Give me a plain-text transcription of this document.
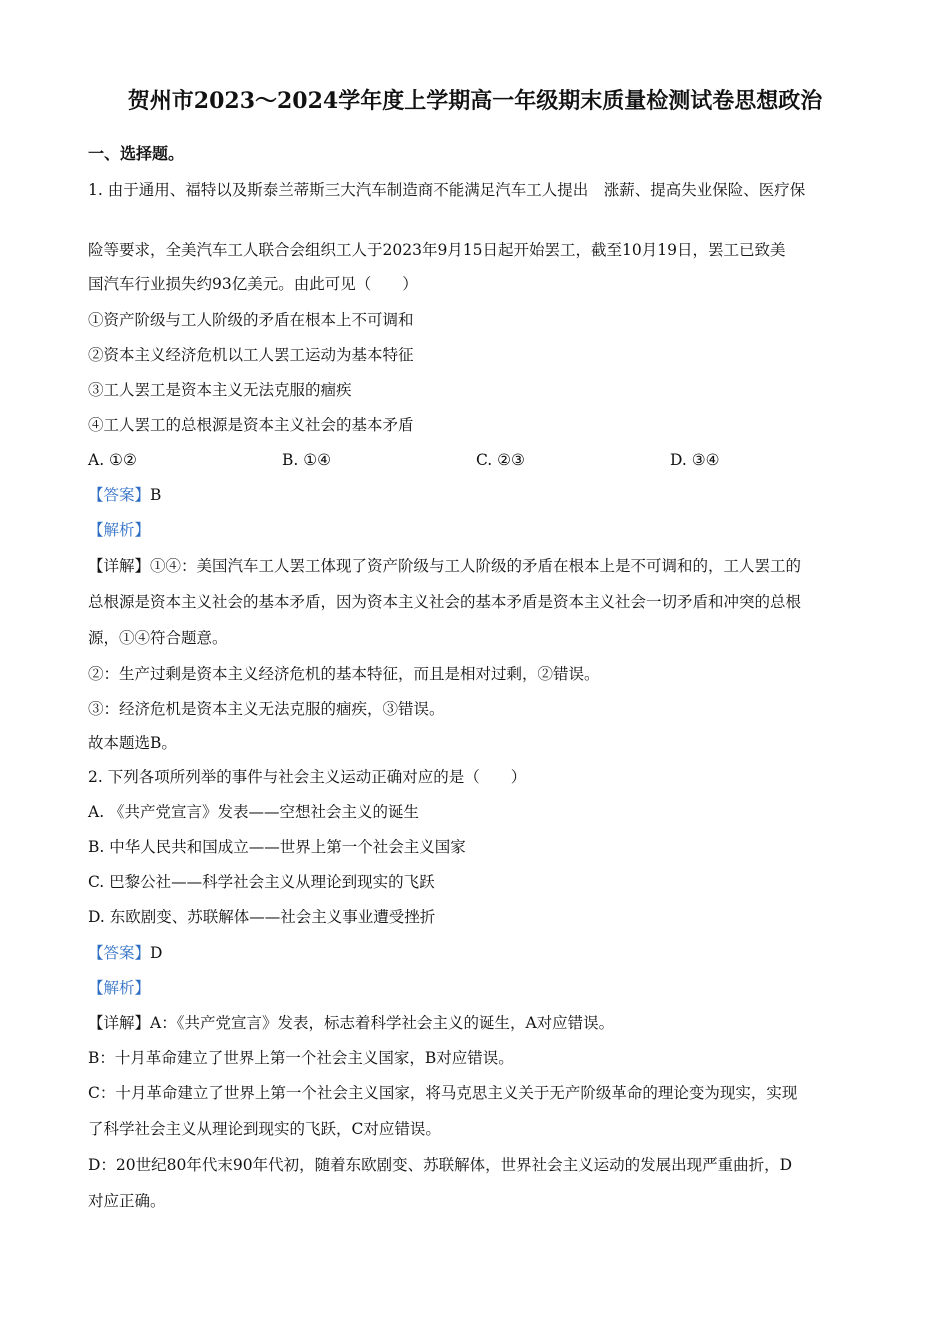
贺州市2023～2024学年度上学期高一年级期末质量检测试卷思想政治
一、选择题。
1. 由于通用、福特以及斯泰兰蒂斯三大汽车制造商不能满足汽车工人提出　涨薪、提高失业保险、医疗保
险等要求，全美汽车工人联合会组织工人于2023年9月15日起开始罢工，截至10月19日，罢工已致美
国汽车行业损失约93亿美元。由此可见（　　）
①资产阶级与工人阶级的矛盾在根本上不可调和
②资本主义经济危机以工人罢工运动为基本特征
③工人罢工是资本主义无法克服的痼疾
④工人罢工的总根源是资本主义社会的基本矛盾
A. ①②	B. ①④	C. ②③	D. ③④
【答案】B
【解析】
【详解】①④：美国汽车工人罢工体现了资产阶级与工人阶级的矛盾在根本上是不可调和的，工人罢工的
总根源是资本主义社会的基本矛盾，因为资本主义社会的基本矛盾是资本主义社会一切矛盾和冲突的总根
源，①④符合题意。
②：生产过剩是资本主义经济危机的基本特征，而且是相对过剩，②错误。
③：经济危机是资本主义无法克服的痼疾，③错误。
故本题选B。
2. 下列各项所列举的事件与社会主义运动正确对应的是（　　）
A. 《共产党宣言》发表——空想社会主义的诞生
B. 中华人民共和国成立——世界上第一个社会主义国家
C. 巴黎公社——科学社会主义从理论到现实的飞跃
D. 东欧剧变、苏联解体——社会主义事业遭受挫折
【答案】D
【解析】
【详解】A：《共产党宣言》发表，标志着科学社会主义的诞生，A对应错误。
B：十月革命建立了世界上第一个社会主义国家，B对应错误。
C：十月革命建立了世界上第一个社会主义国家，将马克思主义关于无产阶级革命的理论变为现实，实现
了科学社会主义从理论到现实的飞跃，C对应错误。
D：20世纪80年代末90年代初，随着东欧剧变、苏联解体，世界社会主义运动的发展出现严重曲折，D
对应正确。
